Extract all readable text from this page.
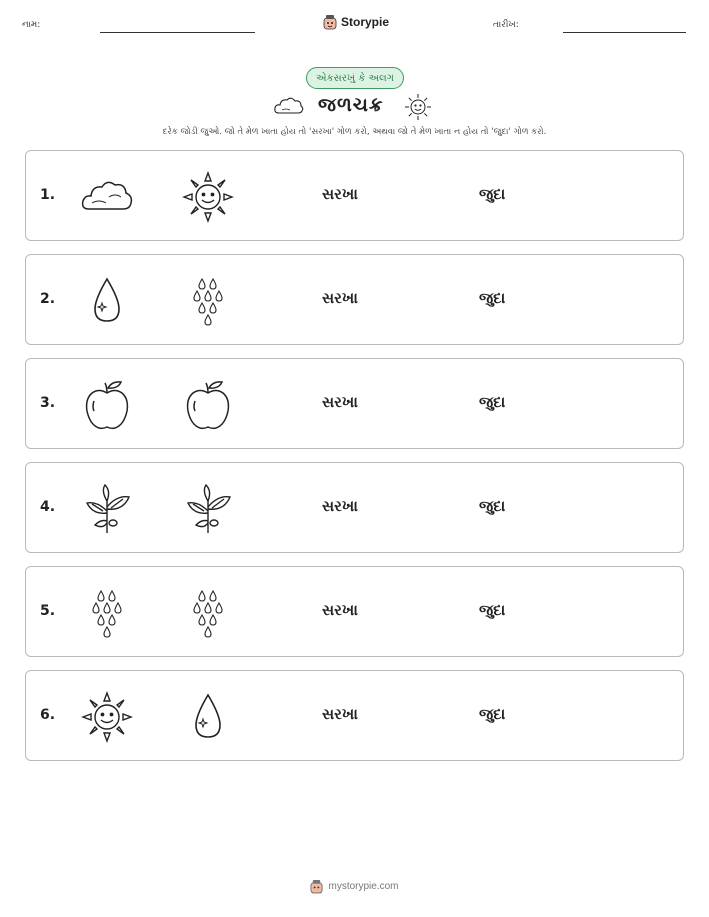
નામ:	Storypie	તારીખ:
એકસરખું કે અલગ
જળચક્ર
દરેક જોડી જુઓ. જો તે મેળ ખાતા હોય તો 'સરખા' ગોળ કરો, અથવા જો તે મેળ ખાતા ન હોય તો 'જુદા' ગોળ કરો.
1.	સરખા	જુદા
2.	સરખા	જુદા
3.	સરખા	જુદા
4.	સરખા	જુદા
5.	સરખા	જુદા
6.	સરખા	જુદા
mystorypie.com
